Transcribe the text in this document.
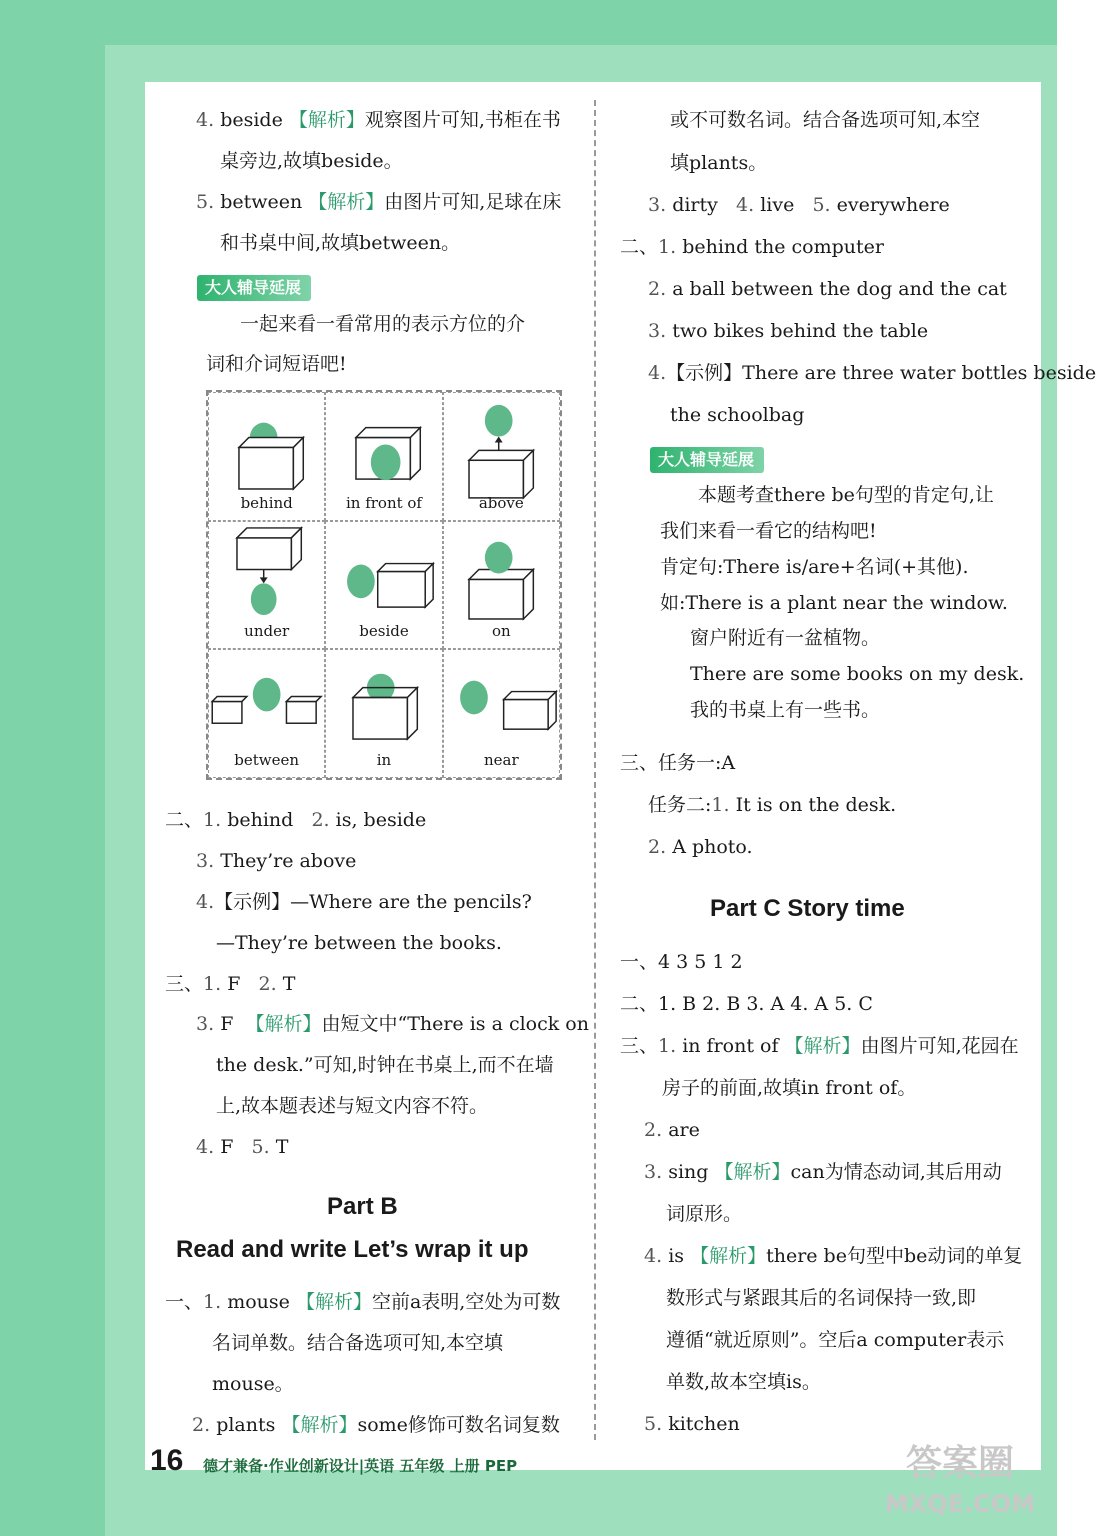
4. beside 【解析】观察图片可知,书柜在书
桌旁边,故填beside。
5. between 【解析】由图片可知,足球在床
和书桌中间,故填between。
大人辅导延展
一起来看一看常用的表示方位的介
词和介词短语吧!
behind	in front of	above
under	beside	on
between	in	near
二、1. behind 2. is, beside
3. They’re above
4.【示例】—Where are the pencils?
—They’re between the books.
三、1. F 2. T
3. F 【解析】由短文中“There is a clock on
the desk.”可知,时钟在书桌上,而不在墙
上,故本题表述与短文内容不符。
4. F 5. T
Part B
Read and write Let’s wrap it up
一、1. mouse 【解析】空前a表明,空处为可数
名词单数。结合备选项可知,本空填
mouse。
2. plants 【解析】some修饰可数名词复数
或不可数名词。结合备选项可知,本空
填plants。
3. dirty 4. live 5. everywhere
二、1. behind the computer
2. a ball between the dog and the cat
3. two bikes behind the table
4.【示例】There are three water bottles beside
the schoolbag
大人辅导延展
本题考查there be句型的肯定句,让
我们来看一看它的结构吧!
肯定句:There is/are+名词(+其他).
如:There is a plant near the window.
窗户附近有一盆植物。
There are some books on my desk.
我的书桌上有一些书。
三、任务一:A
任务二:1. It is on the desk.
2. A photo.
Part C Story time
一、4 3 5 1 2
二、1. B 2. B 3. A 4. A 5. C
三、1. in front of 【解析】由图片可知,花园在
房子的前面,故填in front of。
2. are
3. sing 【解析】can为情态动词,其后用动
词原形。
4. is 【解析】there be句型中be动词的单复
数形式与紧跟其后的名词保持一致,即
遵循“就近原则”。空后a computer表示
单数,故本空填is。
5. kitchen
16 德才兼备·作业创新设计|英语 五年级 上册 PEP	答案圈
MXQE.COM
